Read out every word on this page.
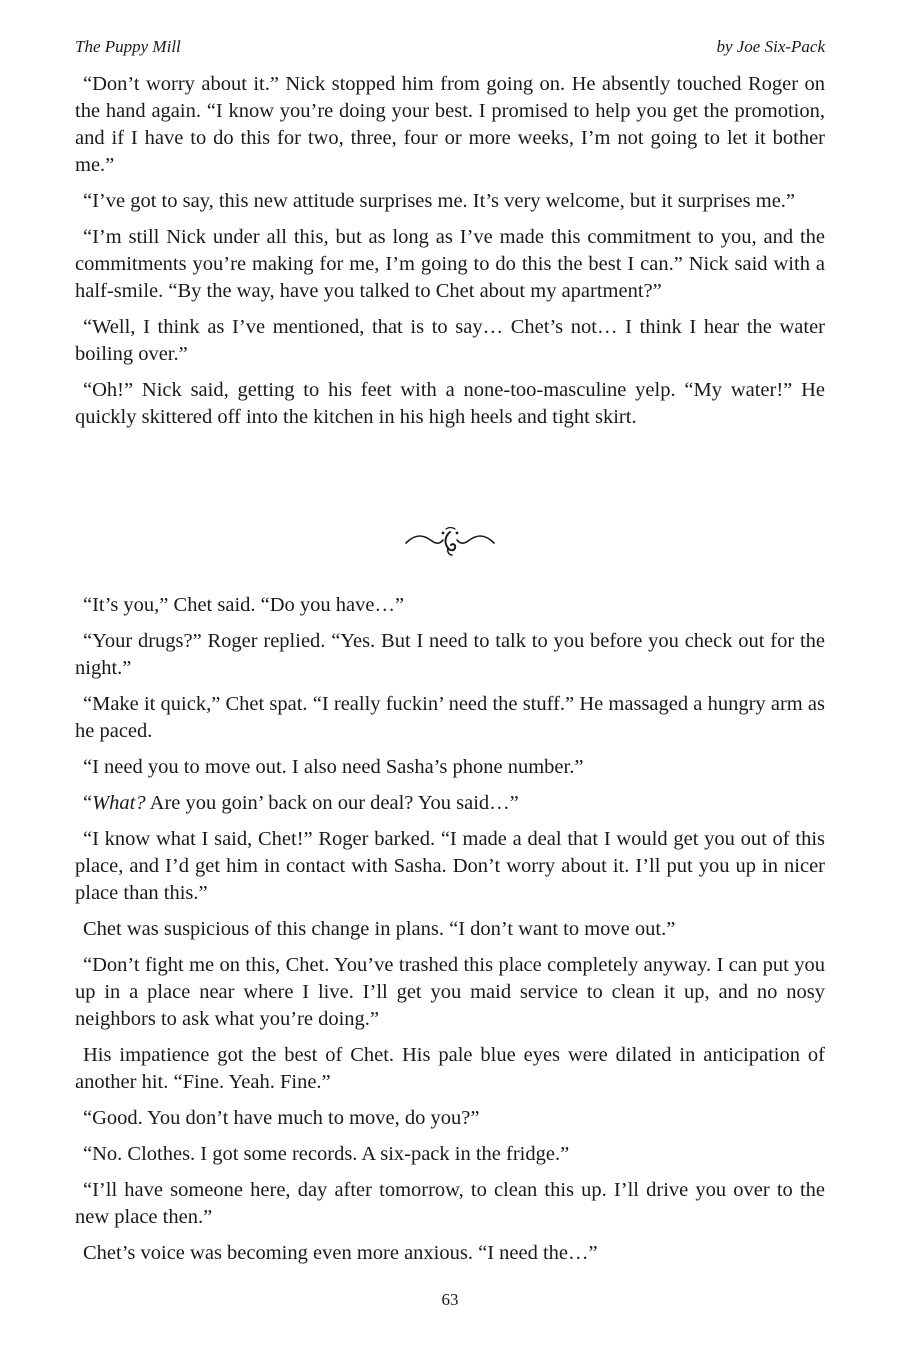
The Puppy Mill	by Joe Six-Pack

“Don’t worry about it.” Nick stopped him from going on. He absently touched Roger on the hand again. “I know you’re doing your best. I promised to help you get the promotion, and if I have to do this for two, three, four or more weeks, I’m not going to let it bother me.”

“I’ve got to say, this new attitude surprises me. It’s very welcome, but it surprises me.”

“I’m still Nick under all this, but as long as I’ve made this commitment to you, and the commitments you’re making for me, I’m going to do this the best I can.” Nick said with a half-smile. “By the way, have you talked to Chet about my apartment?”

“Well, I think as I’ve mentioned, that is to say… Chet’s not… I think I hear the water boiling over.”

“Oh!” Nick said, getting to his feet with a none-too-masculine yelp. “My water!” He quickly skittered off into the kitchen in his high heels and tight skirt.

“It’s you,” Chet said. “Do you have…”

“Your drugs?” Roger replied. “Yes. But I need to talk to you before you check out for the night.”

“Make it quick,” Chet spat. “I really fuckin’ need the stuff.” He massaged a hungry arm as he paced.

“I need you to move out. I also need Sasha’s phone number.”

“What? Are you goin’ back on our deal? You said…”

“I know what I said, Chet!” Roger barked. “I made a deal that I would get you out of this place, and I’d get him in contact with Sasha. Don’t worry about it. I’ll put you up in nicer place than this.”

Chet was suspicious of this change in plans. “I don’t want to move out.”

“Don’t fight me on this, Chet. You’ve trashed this place completely anyway. I can put you up in a place near where I live. I’ll get you maid service to clean it up, and no nosy neighbors to ask what you’re doing.”

His impatience got the best of Chet. His pale blue eyes were dilated in anticipation of another hit. “Fine. Yeah. Fine.”

“Good. You don’t have much to move, do you?”

“No. Clothes. I got some records. A six-pack in the fridge.”

“I’ll have someone here, day after tomorrow, to clean this up. I’ll drive you over to the new place then.”

Chet’s voice was becoming even more anxious. “I need the…”

63
